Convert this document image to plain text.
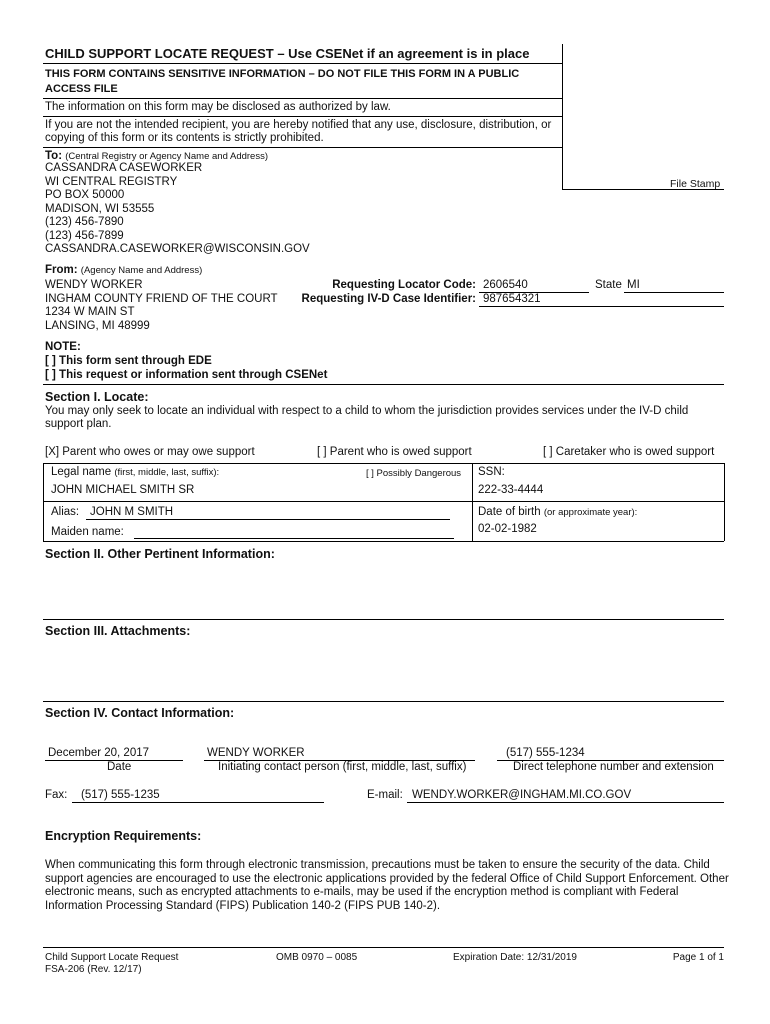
CHILD SUPPORT LOCATE REQUEST – Use CSENet if an agreement is in place
THIS FORM CONTAINS SENSITIVE INFORMATION – DO NOT FILE THIS FORM IN A PUBLIC
ACCESS FILE
The information on this form may be disclosed as authorized by law.
If you are not the intended recipient, you are hereby notified that any use, disclosure, distribution, or
copying of this form or its contents is strictly prohibited.
File Stamp
To: (Central Registry or Agency Name and Address)
CASSANDRA CASEWORKER
WI CENTRAL REGISTRY
PO BOX 50000
MADISON, WI 53555
(123) 456-7890
(123) 456-7899
CASSANDRA.CASEWORKER@WISCONSIN.GOV
From: (Agency Name and Address)
WENDY WORKER
INGHAM COUNTY FRIEND OF THE COURT
1234 W MAIN ST
LANSING, MI 48999
Requesting Locator Code: 2606540	State MI
Requesting IV-D Case Identifier: 987654321
NOTE:
[ ] This form sent through EDE
[ ] This request or information sent through CSENet
Section I. Locate:
You may only seek to locate an individual with respect to a child to whom the jurisdiction provides services under the IV-D child
support plan.
[X] Parent who owes or may owe support	[ ] Parent who is owed support	[ ] Caretaker who is owed support
Legal name (first, middle, last, suffix):	[ ] Possibly Dangerous
JOHN MICHAEL SMITH SR
SSN:
222-33-4444
Alias: JOHN M SMITH
Maiden name:
Date of birth (or approximate year):
02-02-1982
Section II. Other Pertinent Information:
Section III. Attachments:
Section IV. Contact Information:
December 20, 2017
Date
WENDY WORKER
Initiating contact person (first, middle, last, suffix)
(517) 555-1234
Direct telephone number and extension
Fax: (517) 555-1235	E-mail: WENDY.WORKER@INGHAM.MI.CO.GOV
Encryption Requirements:
When communicating this form through electronic transmission, precautions must be taken to ensure the security of the data. Child
support agencies are encouraged to use the electronic applications provided by the federal Office of Child Support Enforcement. Other
electronic means, such as encrypted attachments to e-mails, may be used if the encryption method is compliant with Federal
Information Processing Standard (FIPS) Publication 140-2 (FIPS PUB 140-2).
Child Support Locate Request
FSA-206 (Rev. 12/17)
OMB 0970 – 0085	Expiration Date: 12/31/2019	Page 1 of 1
